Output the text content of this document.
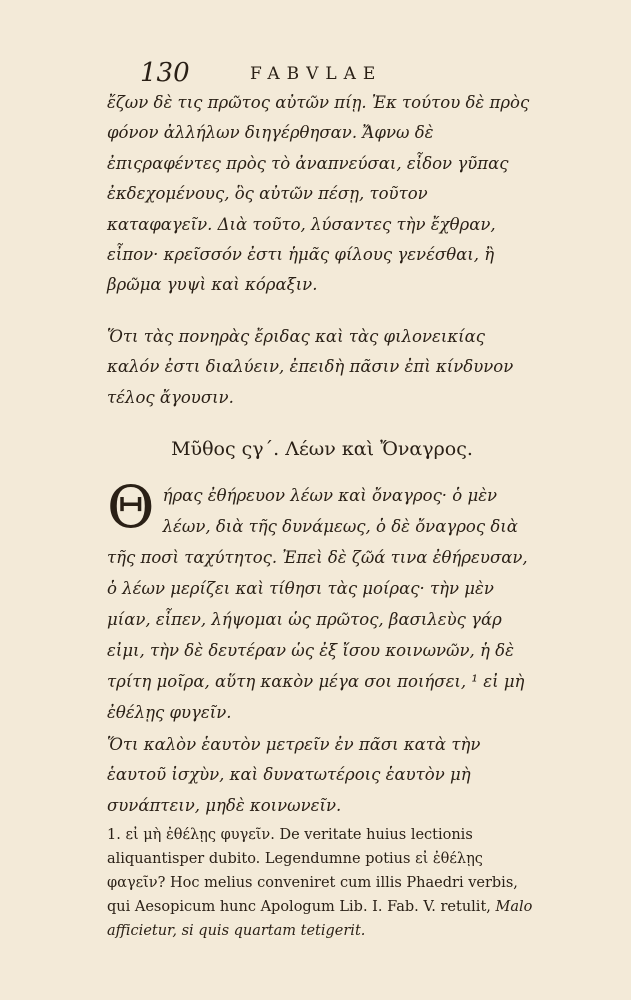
130	FABVLAE
ἔζων δὲ τις πρῶτος αὐτῶν πίῃ. Ἐκ τούτου δὲ πρὸς φόνον ἀλλήλων διηγέρθησαν. Ἄφνω δὲ ἐπιςραφέντες πρὸς τὸ ἀναπνεύσαι, εἶδον γῦπας ἐκδεχομένους, ὃς αὐτῶν πέσῃ, τοῦτον καταφαγεῖν. Διὰ τοῦτο, λύσαντες τὴν ἔχθραν, εἶπον· κρεῖσσόν ἐστι ἡμᾶς φίλους γενέσθαι, ἢ βρῶμα γυψὶ καὶ κόραξιν.
Ὅτι τὰς πονηρὰς ἔριδας καὶ τὰς φιλονεικίας καλόν ἐστι διαλύειν, ἐπειδὴ πᾶσιν ἐπὶ κίνδυνον τέλος ἄγουσιν.
Μῦθος ςγ΄. Λέων καὶ Ὄναγρος.
Θ ήρας ἐθήρευον λέων καὶ ὄναγρος· ὁ μὲν λέων, διὰ τῆς δυνάμεως, ὁ δὲ ὄναγρος διὰ τῆς ποσὶ ταχύτητος. Ἐπεὶ δὲ ζῶά τινα ἐθήρευσαν, ὁ λέων μερίζει καὶ τίθησι τὰς μοίρας· τὴν μὲν μίαν, εἶπεν, λήψομαι ὡς πρῶτος, βασιλεὺς γάρ εἰμι, τὴν δὲ δευτέραν ὡς ἐξ ἴσου κοινωνῶν, ἡ δὲ τρίτη μοῖρα, αὕτη κακὸν μέγα σοι ποιήσει, ¹ εἰ μὴ ἐθέλῃς φυγεῖν.
Ὅτι καλὸν ἑαυτὸν μετρεῖν ἐν πᾶσι κατὰ τὴν ἑαυτοῦ ἰσχὺν, καὶ δυνατωτέροις ἑαυτὸν μὴ συνάπτειν, μηδὲ κοινωνεῖν.
1. εἰ μὴ ἐθέλῃς φυγεῖν. De veritate huius lectionis aliquantisper dubito. Legendumne potius εἰ ἐθέλῃς φαγεῖν? Hoc melius conveniret cum illis Phaedri verbis, qui Aesopicum hunc Apologum Lib. I. Fab. V. retulit, Malo afficietur, si quis quartam tetigerit.
